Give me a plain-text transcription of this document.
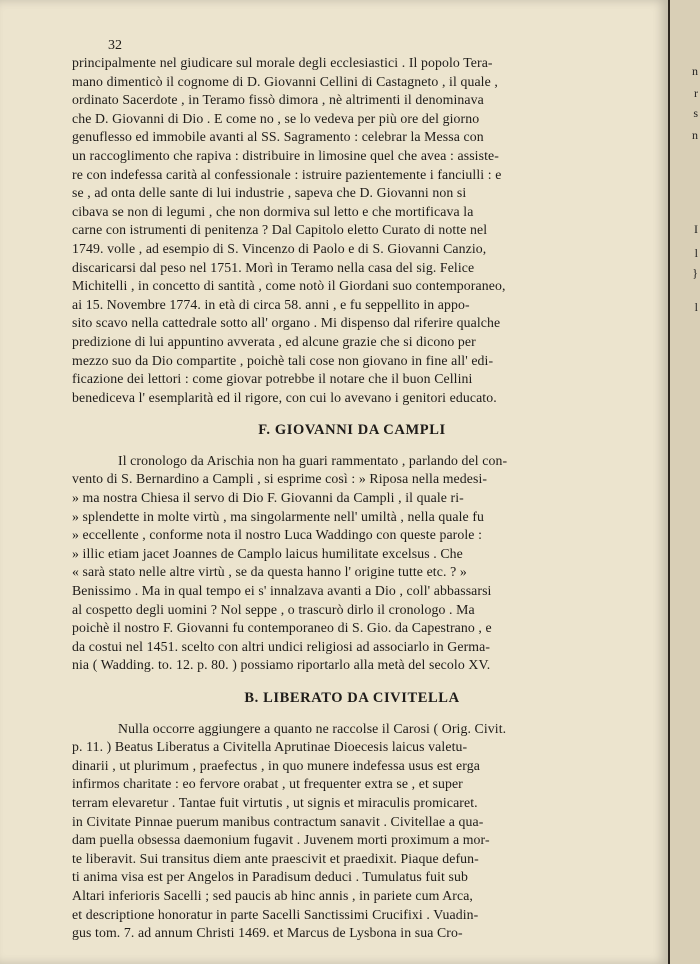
32
principalmente nel giudicare sul morale degli ecclesiastici . Il popolo Tera-
mano dimenticò il cognome di D. Giovanni Cellini di Castagneto , il quale ,
ordinato Sacerdote , in Teramo fissò dimora , nè altrimenti il denominava
che D. Giovanni di Dio . E come no , se lo vedeva per più ore del giorno
genuflesso ed immobile avanti al SS. Sagramento : celebrar la Messa con
un raccoglimento che rapiva : distribuire in limosine quel che avea : assiste-
re con indefessa carità al confessionale : istruire pazientemente i fanciulli : e
se , ad onta delle sante di lui industrie , sapeva che D. Giovanni non si
cibava se non di legumi , che non dormiva sul letto e che mortificava la
carne con istrumenti di penitenza ? Dal Capitolo eletto Curato di notte nel
1749. volle , ad esempio di S. Vincenzo di Paolo e di S. Giovanni Canzio,
discaricarsi dal peso nel 1751. Morì in Teramo nella casa del sig. Felice
Michitelli , in concetto di santità , come notò il Giordani suo contemporaneo,
ai 15. Novembre 1774. in età di circa 58. anni , e fu seppellito in appo-
sito scavo nella cattedrale sotto all' organo . Mi dispenso dal riferire qualche
predizione di lui appuntino avverata , ed alcune grazie che si dicono per
mezzo suo da Dio compartite , poichè tali cose non giovano in fine all' edi-
ficazione dei lettori : come giovar potrebbe il notare che il buon Cellini
benediceva l' esemplarità ed il rigore, con cui lo avevano i genitori educato.
F. GIOVANNI DA CAMPLI
Il cronologo da Arischia non ha guari rammentato , parlando del con-
vento di S. Bernardino a Campli , si esprime così : » Riposa nella medesi-
» ma nostra Chiesa il servo di Dio F. Giovanni da Campli , il quale ri-
» splendette in molte virtù , ma singolarmente nell' umiltà , nella quale fu
» eccellente , conforme nota il nostro Luca Waddingo con queste parole :
» illic etiam jacet Joannes de Camplo laicus humilitate excelsus . Che
« sarà stato nelle altre virtù , se da questa hanno l' origine tutte etc. ? »
Benissimo . Ma in qual tempo ei s' innalzava avanti a Dio , coll' abbassarsi
al cospetto degli uomini ? Nol seppe , o trascurò dirlo il cronologo . Ma
poichè il nostro F. Giovanni fu contemporaneo di S. Gio. da Capestrano , e
da costui nel 1451. scelto con altri undici religiosi ad associarlo in Germa-
nia ( Wadding. to. 12. p. 80. ) possiamo riportarlo alla metà del secolo XV.
B. LIBERATO DA CIVITELLA
Nulla occorre aggiungere a quanto ne raccolse il Carosi ( Orig. Civit.
p. 11. ) Beatus Liberatus a Civitella Aprutinae Dioecesis laicus valetu-
dinarii , ut plurimum , praefectus , in quo munere indefessa usus est erga
infirmos charitate : eo fervore orabat , ut frequenter extra se , et super
terram elevaretur . Tantae fuit virtutis , ut signis et miraculis promicaret.
in Civitate Pinnae puerum manibus contractum sanavit . Civitellae a qua-
dam puella obsessa daemonium fugavit . Juvenem morti proximum a mor-
te liberavit. Sui transitus diem ante praescivit et praedixit. Piaque defun-
ti anima visa est per Angelos in Paradisum deduci . Tumulatus fuit sub
Altari inferioris Sacelli ; sed paucis ab hinc annis , in pariete cum Arca,
et descriptione honoratur in parte Sacelli Sanctissimi Crucifixi . Vuadin-
gus tom. 7. ad annum Christi 1469. et Marcus de Lysbona in sua Cro-
n
r
s
n
I
l
}
l
